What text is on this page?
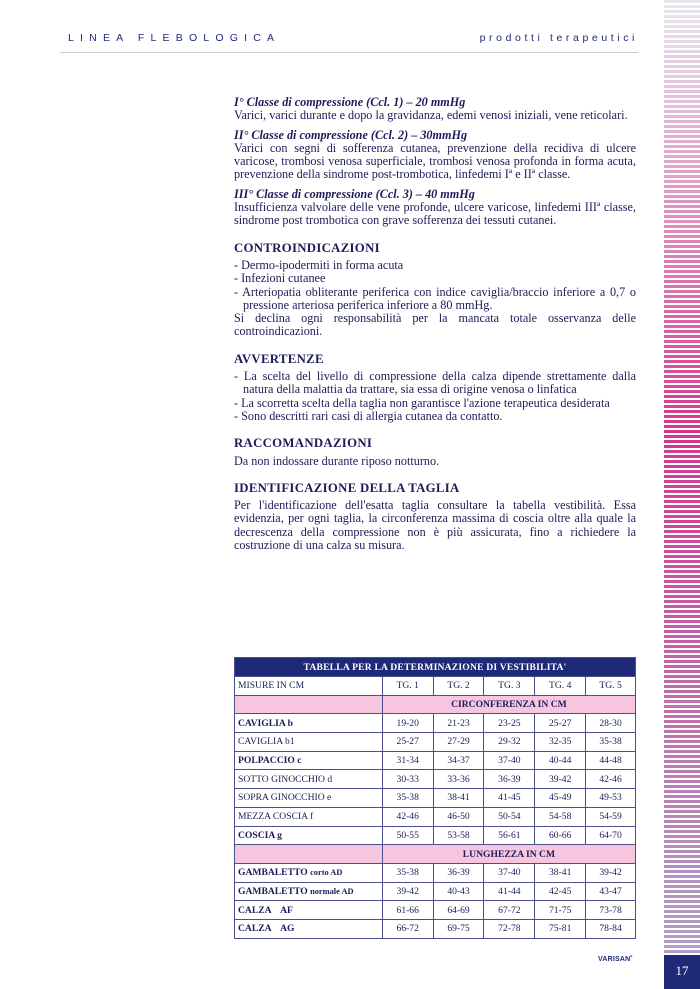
LINEA FLEBOLOGICA	prodotti terapeutici
17
I° Classe di compressione (Ccl. 1) – 20 mmHg

Varici, varici durante e dopo la gravidanza, edemi venosi iniziali, vene reticolari.

II° Classe di compressione (Ccl. 2) – 30mmHg

Varici con segni di sofferenza cutanea, prevenzione della recidiva di ulcere varicose, trombosi venosa superficiale, trombosi venosa profonda in forma acuta, prevenzione della sindrome post-trombotica, linfedemi Iª e IIª classe.

III° Classe di compressione (Ccl. 3) – 40 mmHg

Insufficienza valvolare delle vene profonde, ulcere varicose, linfedemi IIIª classe, sindrome post trombotica con grave sofferenza dei tessuti cutanei.

CONTROINDICAZIONI
- Dermo-ipodermiti in forma acuta
- Infezioni cutanee
- Arteriopatia obliterante periferica con indice caviglia/braccio inferiore a 0,7 o pressione arteriosa periferica inferiore a 80 mmHg.

Si declina ogni responsabilità per la mancata totale osservanza delle controindicazioni.

AVVERTENZE
- La scelta del livello di compressione della calza dipende strettamente dalla natura della malattia da trattare, sia essa di origine venosa o linfatica
- La scorretta scelta della taglia non garantisce l'azione terapeutica desiderata
- Sono descritti rari casi di allergia cutanea da contatto.
RACCOMANDAZIONI

Da non indossare durante riposo notturno.

IDENTIFICAZIONE DELLA TAGLIA

Per l'identificazione dell'esatta taglia consultare la tabella vestibilità. Essa evidenzia, per ogni taglia, la circonferenza massima di coscia oltre alla quale la decrescenza della compressione non è più assicurata, fino a richiedere la costruzione di una calza su misura.

TABELLA PER LA DETERMINAZIONE DI VESTIBILITA'					
MISURE IN CM	TG. 1	TG. 2	TG. 3	TG. 4	TG. 5
	CIRCONFERENZA IN CM				
CAVIGLIA b	19-20	21-23	23-25	25-27	28-30
CAVIGLIA b1	25-27	27-29	29-32	32-35	35-38
POLPACCIO c	31-34	34-37	37-40	40-44	44-48
SOTTO GINOCCHIO d	30-33	33-36	36-39	39-42	42-46
SOPRA GINOCCHIO e	35-38	38-41	41-45	45-49	49-53
MEZZA COSCIA f	42-46	46-50	50-54	54-58	54-59
COSCIA g	50-55	53-58	56-61	60-66	64-70
	LUNGHEZZA IN CM				
GAMBALETTO corto AD	35-38	36-39	37-40	38-41	39-42
GAMBALETTO normale AD	39-42	40-43	41-44	42-45	43-47
CALZA    AF	61-66	64-69	67-72	71-75	73-78
CALZA    AG	66-72	69-75	72-78	75-81	78-84
VARISAN˚
